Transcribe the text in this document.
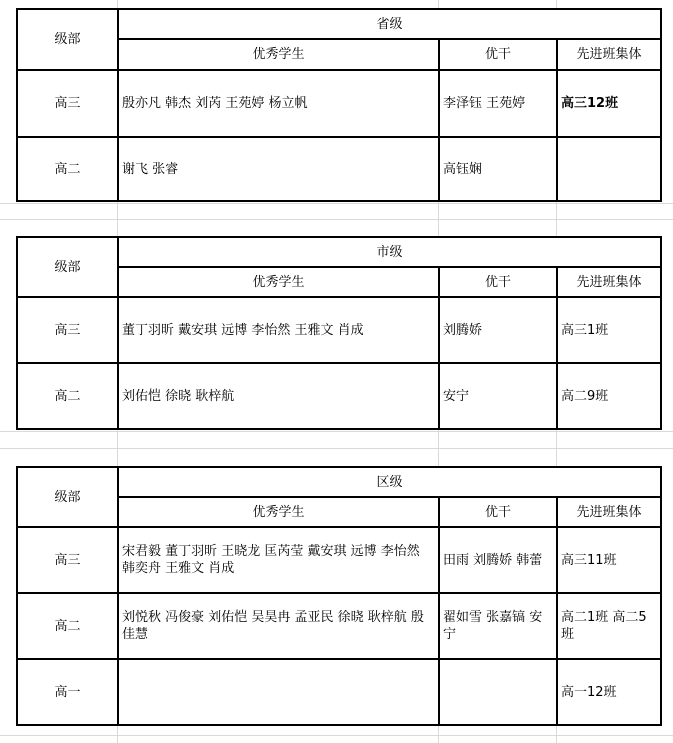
级部	省级		
	优秀学生	优干	先进班集体
高三	殷亦凡 韩杰 刘芮 王苑婷 杨立帆	李泽钰 王苑婷	高三12班
高二	谢飞 张睿	高钰娴	
级部	市级		
	优秀学生	优干	先进班集体
高三	董丁羽昕 戴安琪 远博 李怡然 王雅文 肖成	刘腾娇	高三1班
高二	刘佑恺 徐晓 耿梓航	安宁	高二9班
级部	区级		
	优秀学生	优干	先进班集体
高三	宋君毅 董丁羽昕 王晓龙 匡芮莹 戴安琪 远博 李怡然 韩奕舟 王雅文 肖成	田雨 刘腾娇 韩蕾	高三11班
高二	刘悦秋 冯俊豪 刘佑恺 吴昊冉 孟亚民 徐晓 耿梓航 殷佳慧	翟如雪 张嘉镐 安宁	高二1班 高二5班
高一			高一12班
